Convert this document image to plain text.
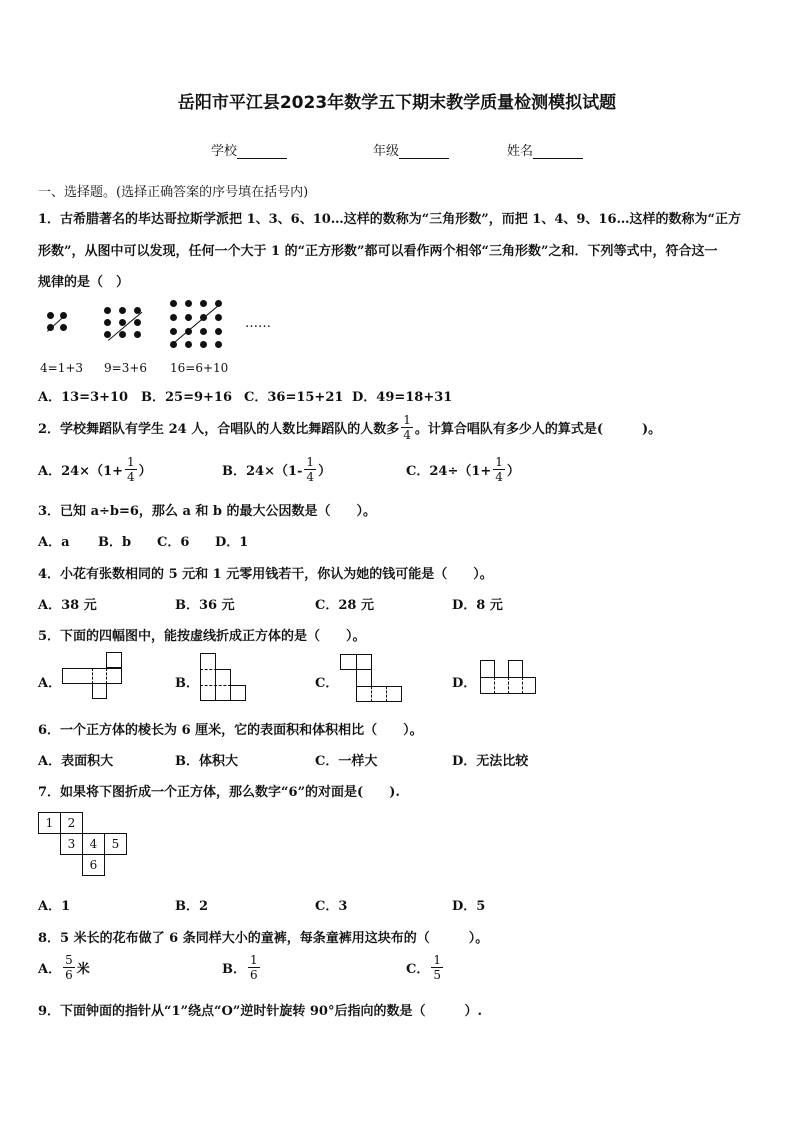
岳阳市平江县2023年数学五下期末教学质量检测模拟试题
学校	年级	姓名
一、选择题。(选择正确答案的序号填在括号内)
1．古希腊著名的毕达哥拉斯学派把 1、3、6、10…这样的数称为“三角形数”，而把 1、4、9、16…这样的数称为“正方
形数”，从图中可以发现，任何一个大于 1 的“正方形数”都可以看作两个相邻“三角形数”之和．下列等式中，符合这一
规律的是（　）
……
4=1+3 9=3+6 16=6+10
A．13=3+10 B．25=9+16 C．36=15+21 D．49=18+31
2．学校舞蹈队有学生 24 人，合唱队的人数比舞蹈队的人数多 $\frac{1}{4}$ 。计算合唱队有多少人的算式是(　　　)。
A．$24\times(1+ \frac{1}{4}$ ）	B．$24\times(1- \frac{1}{4}$ ）	C．$24\div(1+ \frac{1}{4}$ ）
3．已知 a÷b=6，那么 a 和 b 的最大公因数是（　　）。
A．a B．b C．6 D．1
4．小花有张数相同的 5 元和 1 元零用钱若干，你认为她的钱可能是（　　）。
A．38 元	B．36 元	C．28 元	D．8 元
5．下面的四幅图中，能按虚线折成正方体的是（　　）。
A．	B．	C．	D．
6．一个正方体的棱长为 6 厘米，它的表面积和体积相比（　　）。
A．表面积大	B．体积大	C．一样大	D．无法比较
7．如果将下图折成一个正方体，那么数字“6”的对面是(　　).
1	2
3	4	5
6
A．1	B．2	C．3	D．5
8．5 米长的花布做了 6 条同样大小的童裤，每条童裤用这块布的（　　　）。
A． $\frac{5}{6}$ 米	B． $\frac{1}{6}$	C． $\frac{1}{5}$
9．下面钟面的指针从“1”绕点“O”逆时针旋转 90°后指向的数是（　　　）.
